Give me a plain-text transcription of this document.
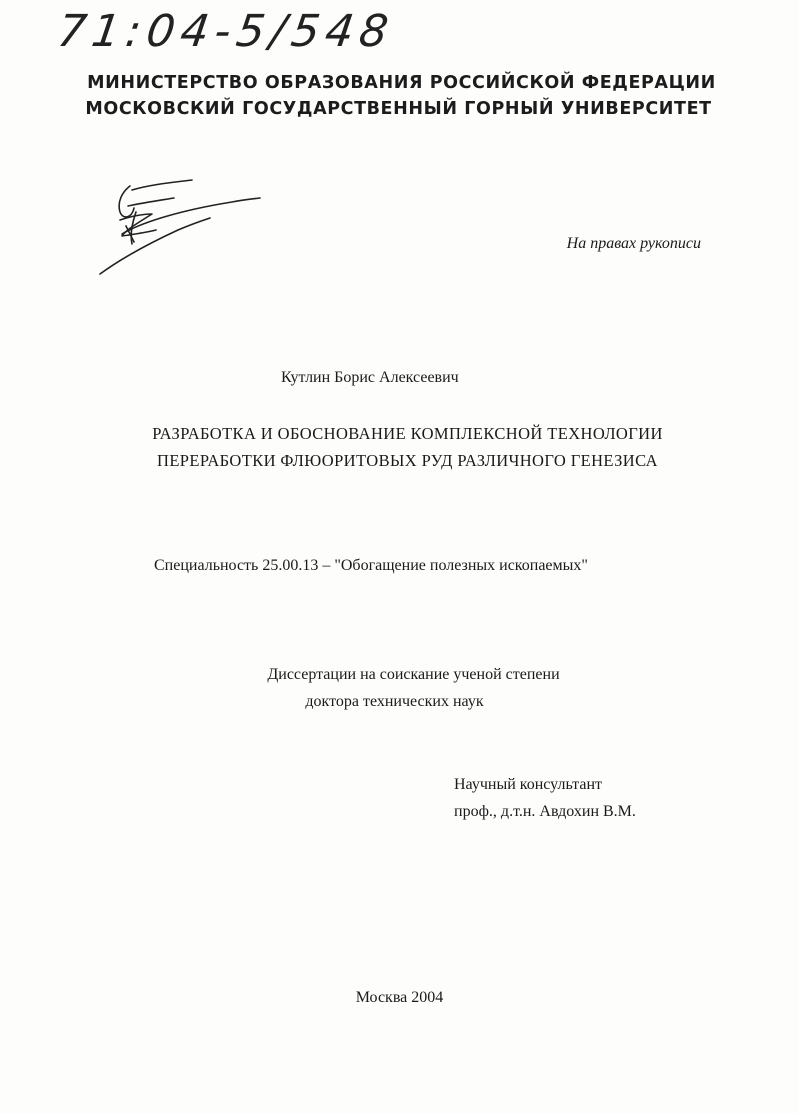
71:04-5/548
МИНИСТЕРСТВО ОБРАЗОВАНИЯ РОССИЙСКОЙ ФЕДЕРАЦИИ
МОСКОВСКИЙ ГОСУДАРСТВЕННЫЙ ГОРНЫЙ УНИВЕРСИТЕТ
На правах рукописи
Кутлин Борис Алексеевич
РАЗРАБОТКА И ОБОСНОВАНИЕ КОМПЛЕКСНОЙ ТЕХНОЛОГИИ
ПЕРЕРАБОТКИ ФЛЮОРИТОВЫХ РУД РАЗЛИЧНОГО ГЕНЕЗИСА
Специальность 25.00.13 – "Обогащение полезных ископаемых"
Диссертации на соискание ученой степени
доктора технических наук
Научный консультант
проф., д.т.н. Авдохин В.М.
Москва 2004
